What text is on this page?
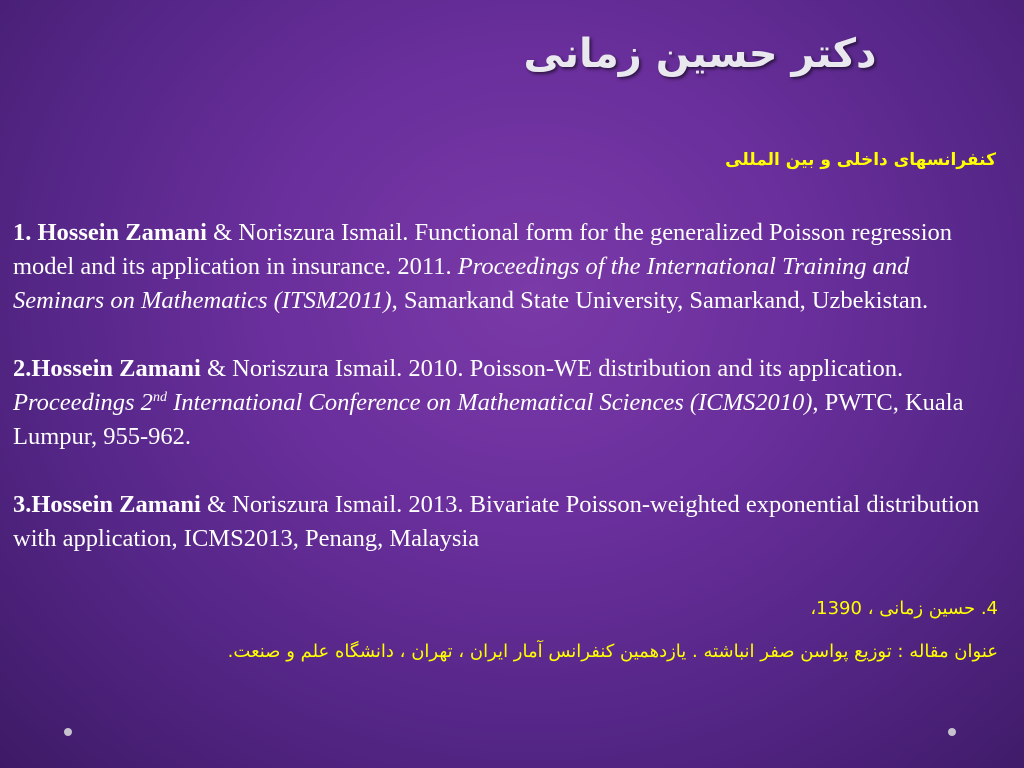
دکتر حسین زمانی
کنفرانسهای داخلی و بین المللی

1. Hossein Zamani & Noriszura Ismail. Functional form for the generalized Poisson regression model and its application in insurance. 2011. Proceedings of the International Training and Seminars on Mathematics (ITSM2011), Samarkand State University, Samarkand, Uzbekistan.

2.Hossein Zamani & Noriszura Ismail. 2010. Poisson-WE distribution and its application. Proceedings 2nd International Conference on Mathematical Sciences (ICMS2010), PWTC, Kuala Lumpur, 955-962.

3.Hossein Zamani & Noriszura Ismail. 2013. Bivariate Poisson-weighted exponential distribution with application, ICMS2013, Penang, Malaysia

4. حسین زمانی ، 1390،
عنوان مقاله : توزیع پواسن صفر انباشته . یازدهمین کنفرانس آمار ایران ، تهران ، دانشگاه علم و صنعت.
